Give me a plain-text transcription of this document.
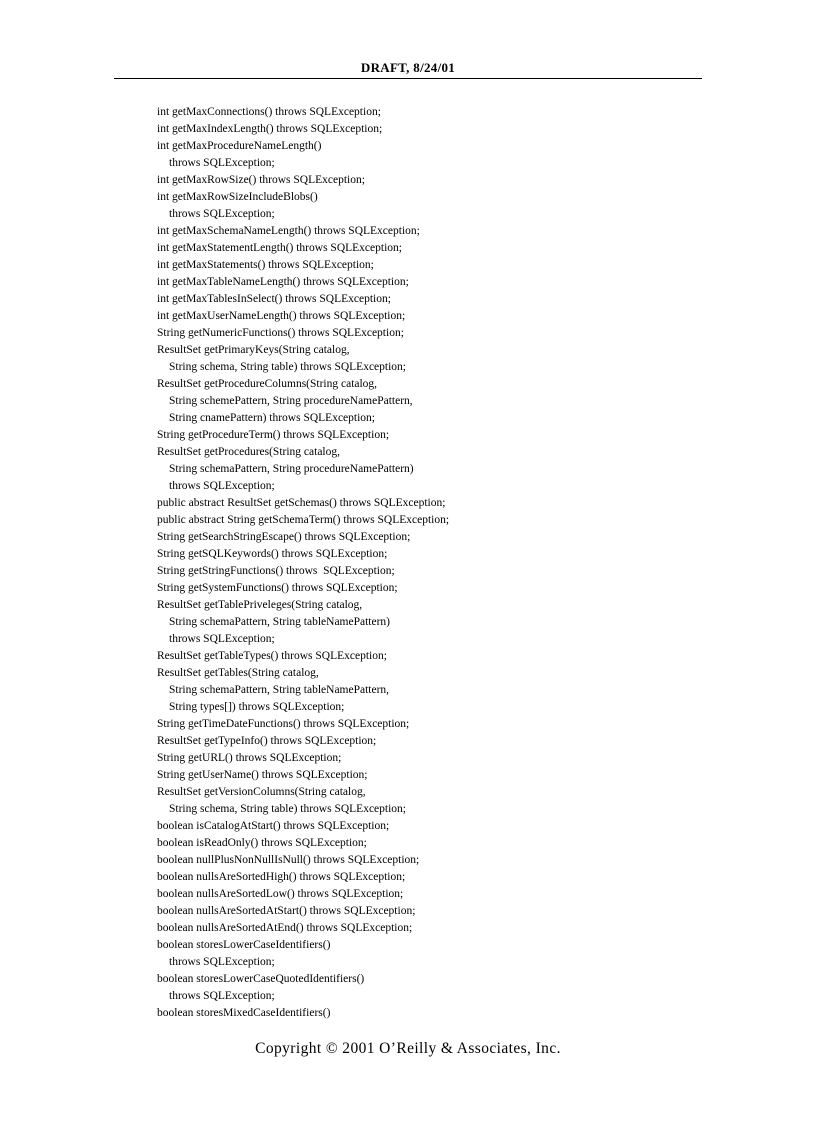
DRAFT, 8/24/01
int getMaxConnections() throws SQLException;
int getMaxIndexLength() throws SQLException;
int getMaxProcedureNameLength()
throws SQLException;
int getMaxRowSize() throws SQLException;
int getMaxRowSizeIncludeBlobs()
throws SQLException;
int getMaxSchemaNameLength() throws SQLException;
int getMaxStatementLength() throws SQLException;
int getMaxStatements() throws SQLException;
int getMaxTableNameLength() throws SQLException;
int getMaxTablesInSelect() throws SQLException;
int getMaxUserNameLength() throws SQLException;
String getNumericFunctions() throws SQLException;
ResultSet getPrimaryKeys(String catalog,
String schema, String table) throws SQLException;
ResultSet getProcedureColumns(String catalog,
String schemePattern, String procedureNamePattern,
String cnamePattern) throws SQLException;
String getProcedureTerm() throws SQLException;
ResultSet getProcedures(String catalog,
String schemaPattern, String procedureNamePattern)
throws SQLException;
public abstract ResultSet getSchemas() throws SQLException;
public abstract String getSchemaTerm() throws SQLException;
String getSearchStringEscape() throws SQLException;
String getSQLKeywords() throws SQLException;
String getStringFunctions() throws  SQLException;
String getSystemFunctions() throws SQLException;
ResultSet getTablePriveleges(String catalog,
String schemaPattern, String tableNamePattern)
throws SQLException;
ResultSet getTableTypes() throws SQLException;
ResultSet getTables(String catalog,
String schemaPattern, String tableNamePattern,
String types[]) throws SQLException;
String getTimeDateFunctions() throws SQLException;
ResultSet getTypeInfo() throws SQLException;
String getURL() throws SQLException;
String getUserName() throws SQLException;
ResultSet getVersionColumns(String catalog,
String schema, String table) throws SQLException;
boolean isCatalogAtStart() throws SQLException;
boolean isReadOnly() throws SQLException;
boolean nullPlusNonNullIsNull() throws SQLException;
boolean nullsAreSortedHigh() throws SQLException;
boolean nullsAreSortedLow() throws SQLException;
boolean nullsAreSortedAtStart() throws SQLException;
boolean nullsAreSortedAtEnd() throws SQLException;
boolean storesLowerCaseIdentifiers()
throws SQLException;
boolean storesLowerCaseQuotedIdentifiers()
throws SQLException;
boolean storesMixedCaseIdentifiers()
Copyright © 2001 O’Reilly & Associates, Inc.
